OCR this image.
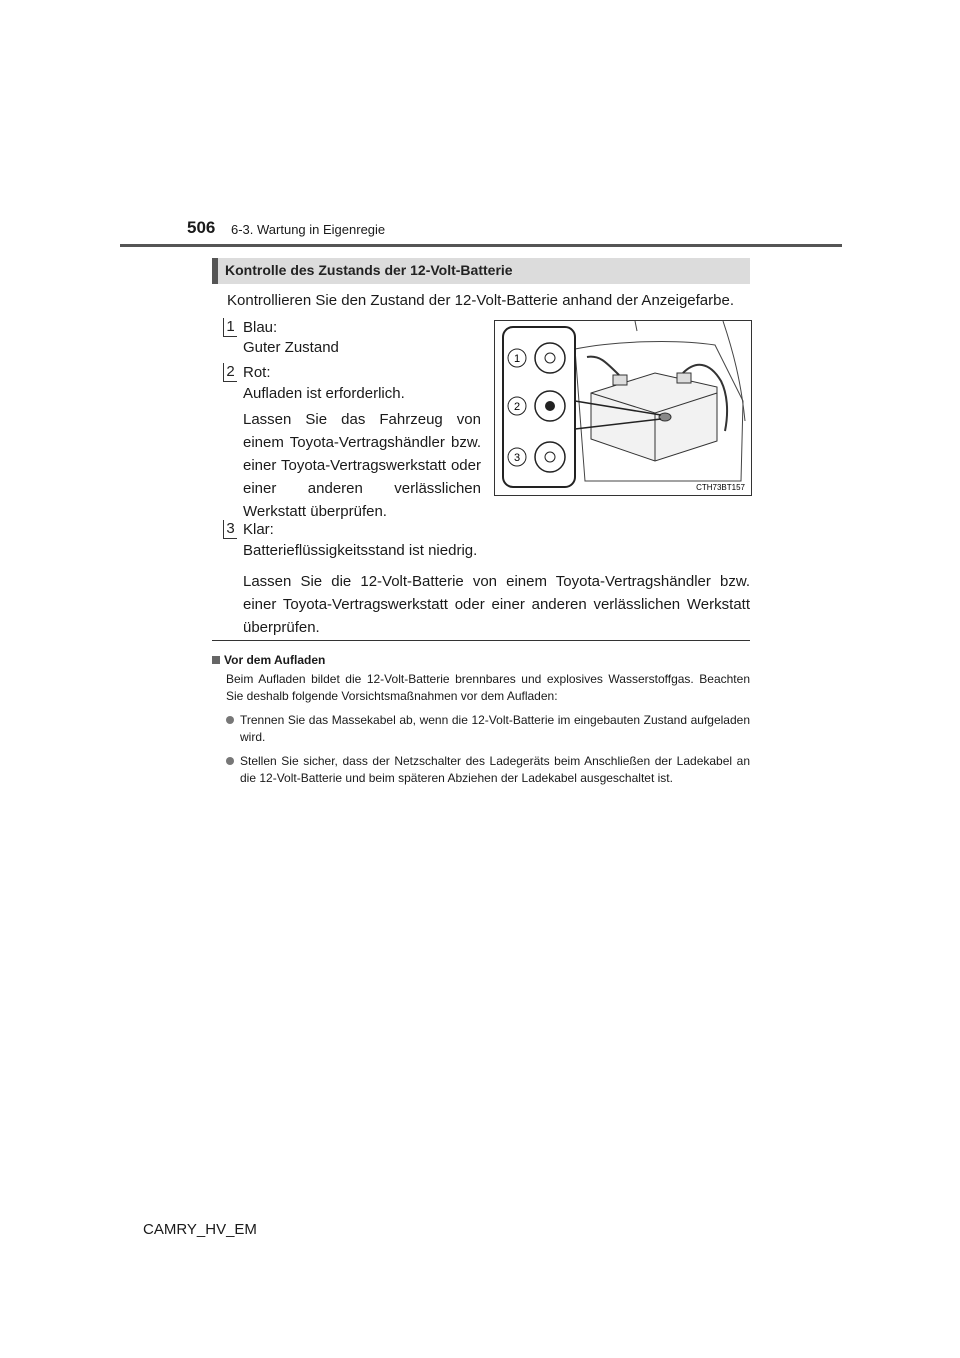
506 6-3. Wartung in Eigenregie
Kontrolle des Zustands der 12-Volt-Batterie
Kontrollieren Sie den Zustand der 12-Volt-Batterie anhand der Anzeigefarbe.
1 Blau:
Guter Zustand
2 Rot:
Aufladen ist erforderlich.
Lassen Sie das Fahrzeug von einem Toyota-Vertragshändler bzw. einer Toyota-Vertragswerkstatt oder einer anderen verlässlichen Werkstatt überprüfen.
3 Klar:
Batterieflüssigkeitsstand ist niedrig.
Lassen Sie die 12-Volt-Batterie von einem Toyota-Vertragshändler bzw. einer Toyota-Vertragswerkstatt oder einer anderen verlässlichen Werkstatt überprüfen.
1
2
3
CTH73BT157
Vor dem Aufladen
Beim Aufladen bildet die 12-Volt-Batterie brennbares und explosives Wasserstoffgas. Beachten Sie deshalb folgende Vorsichtsmaßnahmen vor dem Aufladen:
Trennen Sie das Massekabel ab, wenn die 12-Volt-Batterie im eingebauten Zustand aufgeladen wird.
Stellen Sie sicher, dass der Netzschalter des Ladegeräts beim Anschließen der Ladekabel an die 12-Volt-Batterie und beim späteren Abziehen der Ladekabel ausgeschaltet ist.
CAMRY_HV_EM
